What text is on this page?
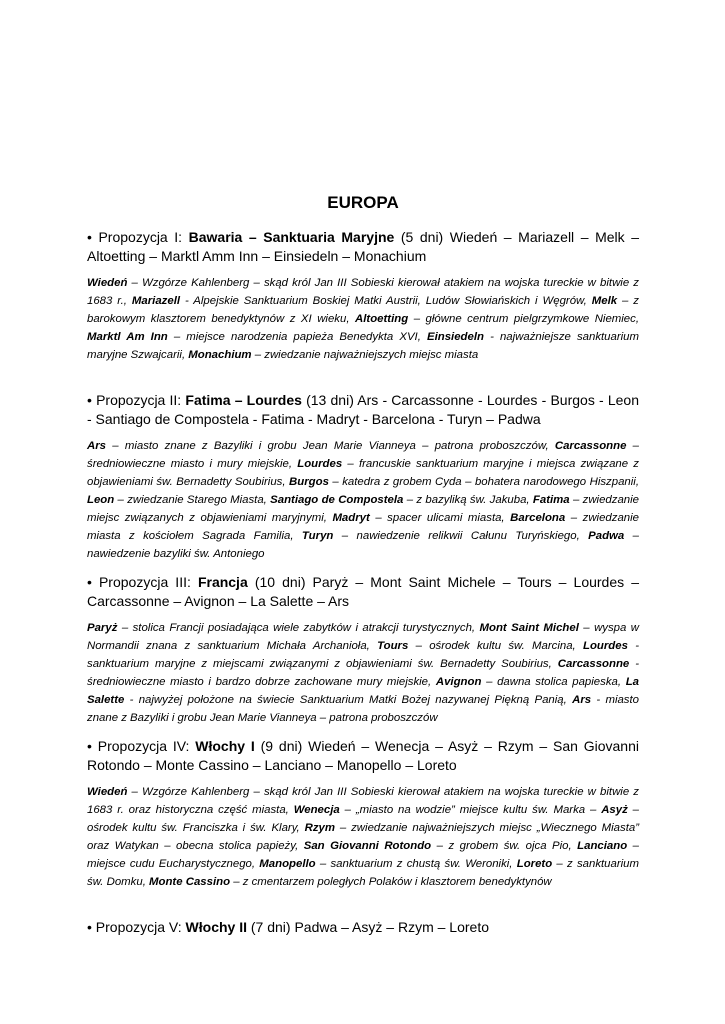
EUROPA
• Propozycja I: Bawaria – Sanktuaria Maryjne (5 dni) Wiedeń – Mariazell – Melk – Altoetting – Marktl Amm Inn – Einsiedeln – Monachium
Wiedeń – Wzgórze Kahlenberg – skąd król Jan III Sobieski kierował atakiem na wojska tureckie w bitwie z 1683 r., Mariazell - Alpejskie Sanktuarium Boskiej Matki Austrii, Ludów Słowiańskich i Węgrów, Melk – z barokowym klasztorem benedyktynów z XI wieku, Altoetting – główne centrum pielgrzymkowe Niemiec, Marktl Am Inn – miejsce narodzenia papieża Benedykta XVI, Einsiedeln - najważniejsze sanktuarium maryjne Szwajcarii, Monachium – zwiedzanie najważniejszych miejsc miasta
• Propozycja II: Fatima – Lourdes (13 dni) Ars - Carcassonne - Lourdes - Burgos - Leon - Santiago de Compostela - Fatima - Madryt - Barcelona - Turyn – Padwa
Ars – miasto znane z Bazyliki i grobu Jean Marie Vianneya – patrona proboszczów, Carcassonne – średniowieczne miasto i mury miejskie, Lourdes – francuskie sanktuarium maryjne i miejsca związane z objawieniami św. Bernadetty Soubirius, Burgos – katedra z grobem Cyda – bohatera narodowego Hiszpanii, Leon – zwiedzanie Starego Miasta, Santiago de Compostela – z bazyliką św. Jakuba, Fatima – zwiedzanie miejsc związanych z objawieniami maryjnymi, Madryt – spacer ulicami miasta, Barcelona – zwiedzanie miasta z kościołem Sagrada Familia, Turyn – nawiedzenie relikwii Całunu Turyńskiego, Padwa – nawiedzenie bazyliki św. Antoniego
• Propozycja III: Francja (10 dni) Paryż – Mont Saint Michele – Tours – Lourdes – Carcassonne – Avignon – La Salette – Ars
Paryż – stolica Francji posiadająca wiele zabytków i atrakcji turystycznych, Mont Saint Michel – wyspa w Normandii znana z sanktuarium Michała Archanioła, Tours – ośrodek kultu św. Marcina, Lourdes - sanktuarium maryjne z miejscami związanymi z objawieniami św. Bernadetty Soubirius, Carcassonne - średniowieczne miasto i bardzo dobrze zachowane mury miejskie, Avignon – dawna stolica papieska, La Salette - najwyżej położone na świecie Sanktuarium Matki Bożej nazywanej Piękną Panią, Ars - miasto znane z Bazyliki i grobu Jean Marie Vianneya – patrona proboszczów
• Propozycja IV: Włochy I (9 dni) Wiedeń – Wenecja – Asyż – Rzym – San Giovanni Rotondo – Monte Cassino – Lanciano – Manopello – Loreto
Wiedeń – Wzgórze Kahlenberg – skąd król Jan III Sobieski kierował atakiem na wojska tureckie w bitwie z 1683 r. oraz historyczna część miasta, Wenecja – „miasto na wodzie” miejsce kultu św. Marka – Asyż – ośrodek kultu św. Franciszka i św. Klary, Rzym – zwiedzanie najważniejszych miejsc „Wiecznego Miasta” oraz Watykan – obecna stolica papieży, San Giovanni Rotondo – z grobem św. ojca Pio, Lanciano – miejsce cudu Eucharystycznego, Manopello – sanktuarium z chustą św. Weroniki, Loreto – z sanktuarium św. Domku, Monte Cassino – z cmentarzem poległych Polaków i klasztorem benedyktynów
• Propozycja V: Włochy II (7 dni) Padwa – Asyż – Rzym – Loreto
